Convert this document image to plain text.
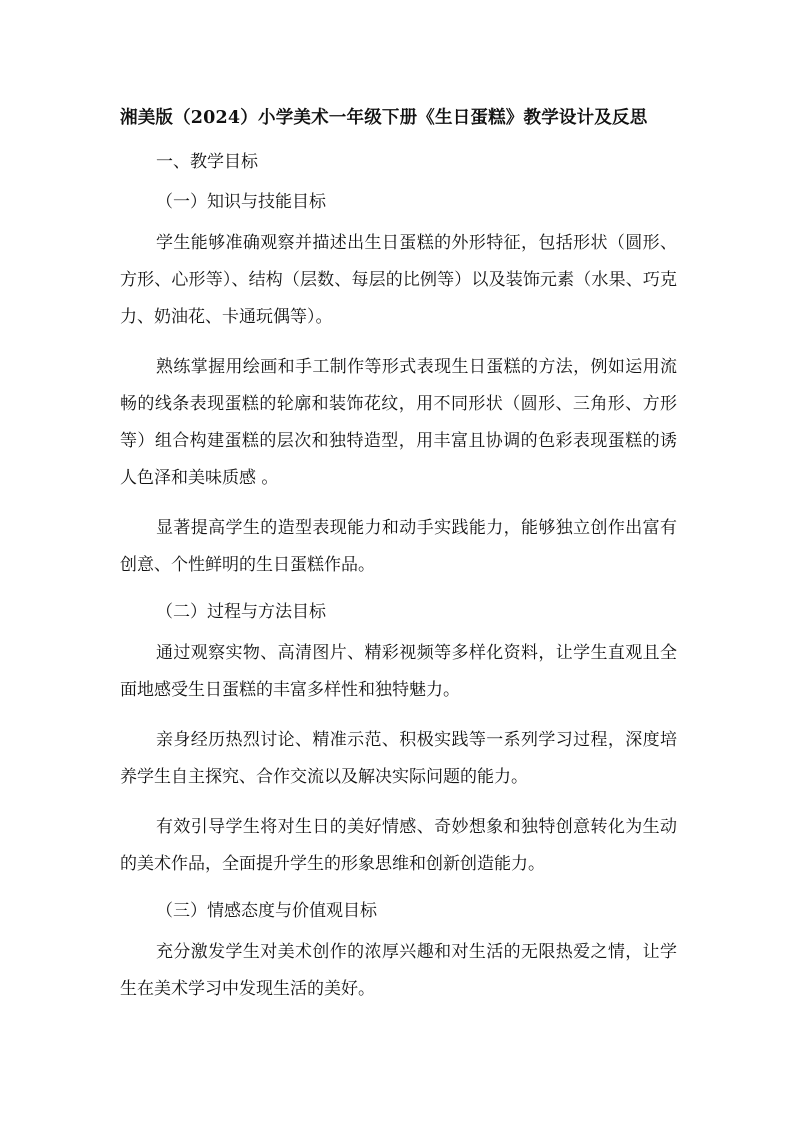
湘美版（2024）小学美术一年级下册《生日蛋糕》教学设计及反思
一、教学目标
（一）知识与技能目标

学生能够准确观察并描述出生日蛋糕的外形特征，包括形状（圆形、方形、心形等）、结构（层数、每层的比例等）以及装饰元素（水果、巧克力、奶油花、卡通玩偶等）。

熟练掌握用绘画和手工制作等形式表现生日蛋糕的方法，例如运用流畅的线条表现蛋糕的轮廓和装饰花纹，用不同形状（圆形、三角形、方形等）组合构建蛋糕的层次和独特造型，用丰富且协调的色彩表现蛋糕的诱人色泽和美味质感 。

显著提高学生的造型表现能力和动手实践能力，能够独立创作出富有创意、个性鲜明的生日蛋糕作品。

（二）过程与方法目标

通过观察实物、高清图片、精彩视频等多样化资料，让学生直观且全面地感受生日蛋糕的丰富多样性和独特魅力。

亲身经历热烈讨论、精准示范、积极实践等一系列学习过程，深度培养学生自主探究、合作交流以及解决实际问题的能力。

有效引导学生将对生日的美好情感、奇妙想象和独特创意转化为生动的美术作品，全面提升学生的形象思维和创新创造能力。

（三）情感态度与价值观目标

充分激发学生对美术创作的浓厚兴趣和对生活的无限热爱之情，让学生在美术学习中发现生活的美好。
